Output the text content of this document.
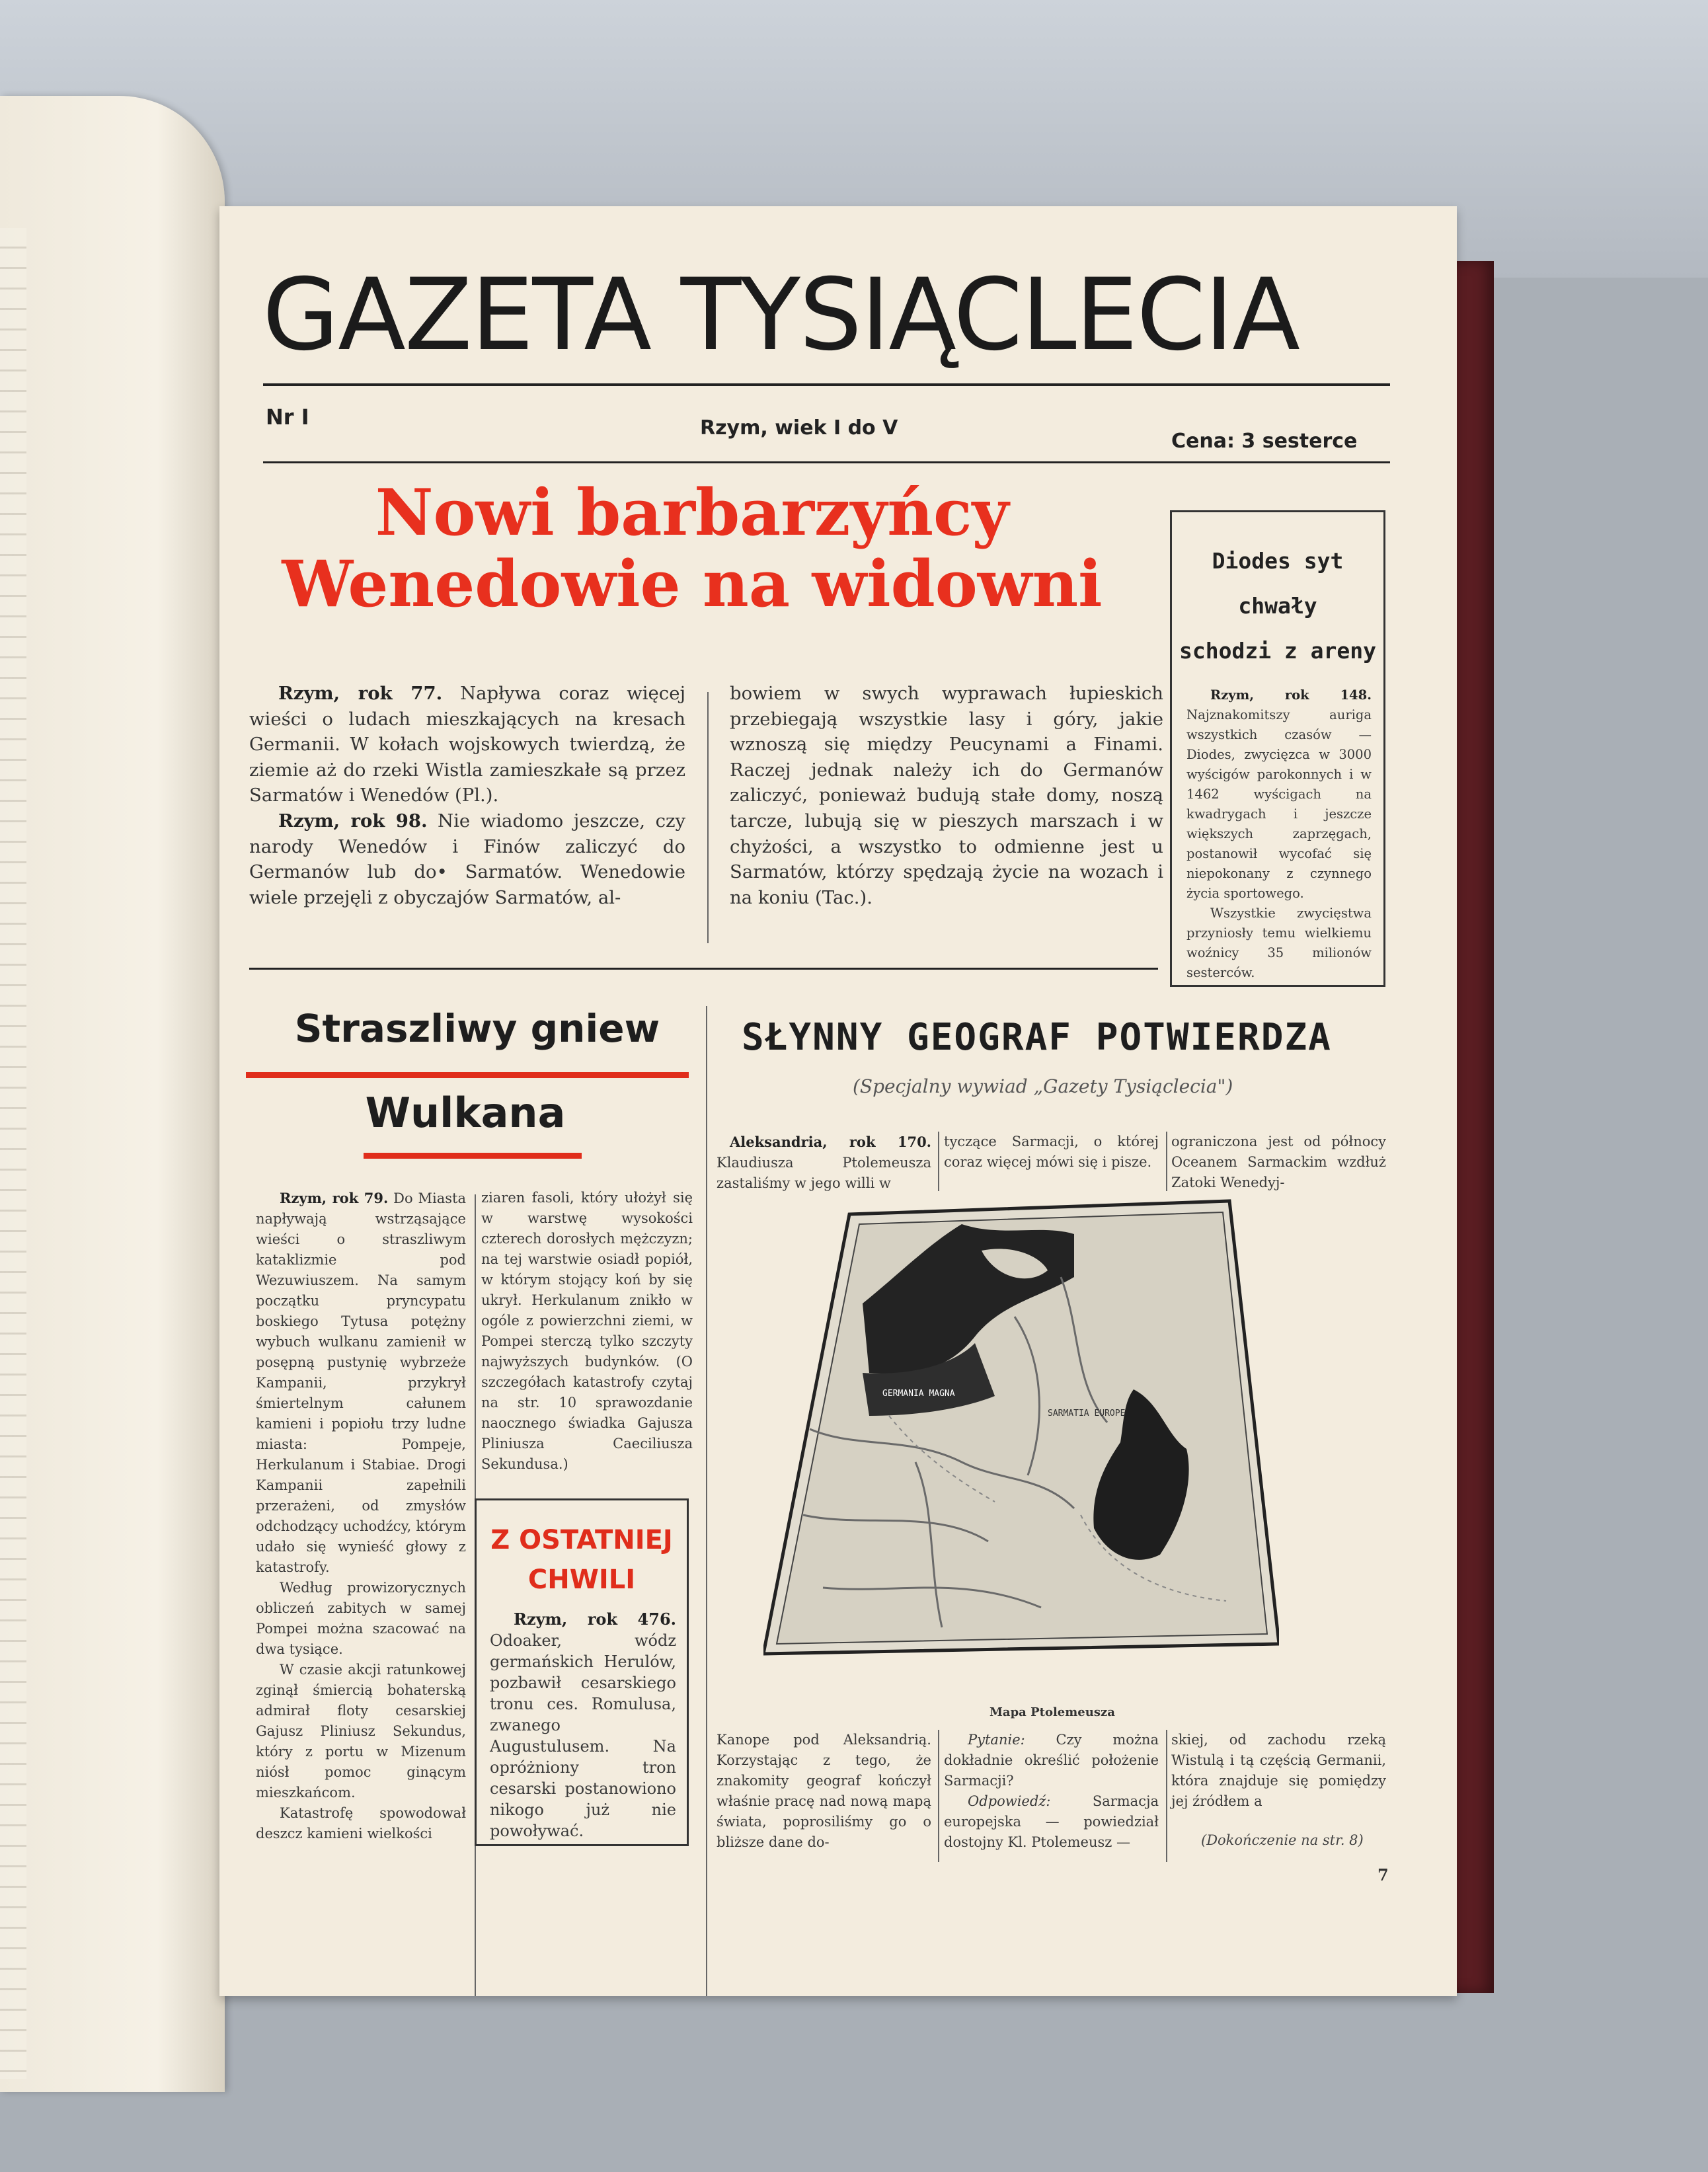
GAZETA TYSIĄCLECIA
Nr I	Rzym, wiek I do V
Cena: 3 sesterce
Nowi barbarzyńcy
Wenedowie na widowni

Rzym, rok 77. Napływa coraz więcej wieści o ludach mieszkających na kresach Germanii. W kołach wojskowych twierdzą, że ziemie aż do rzeki Wistla zamieszkałe są przez Sarmatów i Wenedów (Pl.).

Rzym, rok 98. Nie wiadomo jeszcze, czy narody Wenedów i Finów zaliczyć do Germanów lub do• Sarmatów. Wenedowie wiele przejęli z obyczajów Sarmatów, al-

bowiem w swych wyprawach łupieskich przebiegają wszystkie lasy i góry, jakie wznoszą się między Peucynami a Finami. Raczej jednak należy ich do Germanów zaliczyć, ponieważ budują stałe domy, noszą tarcze, lubują się w pieszych marszach i w chyżości, a wszystko to odmienne jest u Sarmatów, którzy spędzają życie na wozach i na koniu (Tac.).

Diodes syt chwały
schodzi z areny

Rzym, rok 148. Najznakomitszy auriga wszystkich czasów — Diodes, zwycięzca w 3000 wyścigów parokonnych i w 1462 wyścigach na kwadrygach i jeszcze większych zaprzęgach, postanowił wycofać się niepokonany z czynnego życia sportowego.

Wszystkie zwycięstwa przyniosły temu wielkiemu woźnicy 35 milionów sesterców.

Straszliwy gniew
Wulkana

Rzym, rok 79. Do Miasta napływają wstrząsające wieści o straszliwym kataklizmie pod Wezuwiuszem. Na samym początku pryncypatu boskiego Tytusa potężny wybuch wulkanu zamienił w posępną pustynię wybrzeże Kampanii, przykrył śmiertelnym całunem kamieni i popiołu trzy ludne miasta: Pompeje, Herkulanum i Stabiae. Drogi Kampanii zapełnili przerażeni, od zmysłów odchodzący uchodźcy, którym udało się wynieść głowy z katastrofy.

Według prowizorycznych obliczeń zabitych w samej Pompei można szacować na dwa tysiące.

W czasie akcji ratunkowej zginął śmiercią bohaterską admirał floty cesarskiej Gajusz Pliniusz Sekundus, który z portu w Mizenum niósł pomoc ginącym mieszkańcom.

Katastrofę spowodował deszcz kamieni wielkości

ziaren fasoli, który ułożył się w warstwę wysokości czterech dorosłych mężczyzn; na tej warstwie osiadł popiół, w którym stojący koń by się ukrył. Herkulanum znikło w ogóle z powierzchni ziemi, w Pompei sterczą tylko szczyty najwyższych budynków. (O szczegółach katastrofy czytaj na str. 10 sprawozdanie naocznego świadka Gajusza Pliniusza Caeciliusza Sekundusa.)

Z OSTATNIEJ
CHWILI

Rzym, rok 476. Odoaker, wódz germańskich Herulów, pozbawił cesarskiego tronu ces. Romulusa, zwanego Augustulusem. Na opróżniony tron cesarski postanowiono nikogo już nie powoływać.

SŁYNNY GEOGRAF POTWIERDZA
(Specjalny wywiad „Gazety Tysiąclecia")

Aleksandria, rok 170. Klaudiusza Ptolemeusza zastaliśmy w jego willi w

tyczące Sarmacji, o której coraz więcej mówi się i pisze.

ograniczona jest od północy Oceanem Sarmackim wzdłuż Zatoki Wenedyj-

GERMANIA MAGNA
SARMATIA EUROPE
Mapa Ptolemeusza

Kanope pod Aleksandrią. Korzystając z tego, że znakomity geograf kończył właśnie pracę nad nową mapą świata, poprosiliśmy go o bliższe dane do-

Pytanie: Czy można dokładnie określić położenie Sarmacji?

Odpowiedź: Sarmacja europejska — powiedział dostojny Kl. Ptolemeusz —

skiej, od zachodu rzeką Wistulą i tą częścią Germanii, która znajduje się pomiędzy jej źródłem a

(Dokończenie na str. 8)
7
